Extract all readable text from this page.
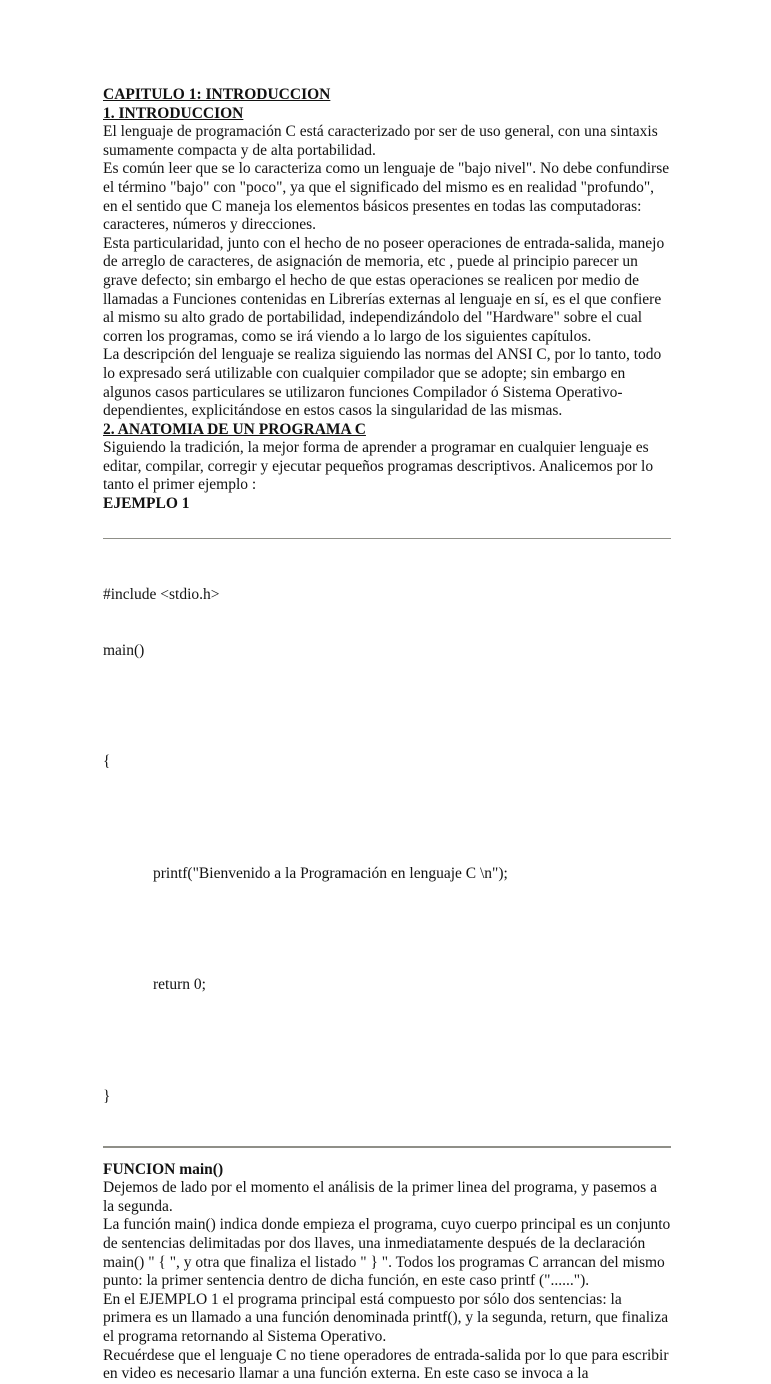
CAPITULO 1: INTRODUCCION
1. INTRODUCCION

El lenguaje de programación C está caracterizado por ser de uso general, con una sintaxis sumamente compacta y de alta portabilidad.

Es común leer que se lo caracteriza como un lenguaje de "bajo nivel". No debe confundirse el término "bajo" con "poco", ya que el significado del mismo es en realidad "profundo", en el sentido que C maneja los elementos básicos presentes en todas las computadoras: caracteres, números y direcciones.

Esta particularidad, junto con el hecho de no poseer operaciones de entrada-salida, manejo de arreglo de caracteres, de asignación de memoria, etc , puede al principio parecer un grave defecto; sin embargo el hecho de que estas operaciones se realicen por medio de llamadas a Funciones contenidas en Librerías externas al lenguaje en sí, es el que confiere al mismo su alto grado de portabilidad, independizándolo del "Hardware" sobre el cual corren los programas, como se irá viendo a lo largo de los siguientes capítulos.

La descripción del lenguaje se realiza siguiendo las normas del ANSI C, por lo tanto, todo lo expresado será utilizable con cualquier compilador que se adopte; sin embargo en algunos casos particulares se utilizaron funciones Compilador ó Sistema Operativo-dependientes, explicitándose en estos casos la singularidad de las mismas.

2. ANATOMIA DE UN PROGRAMA C

Siguiendo la tradición, la mejor forma de aprender a programar en cualquier lenguaje es editar, compilar, corregir y ejecutar pequeños programas descriptivos. Analicemos por lo tanto el primer ejemplo :

EJEMPLO 1

#include <stdio.h>

main()

{

printf("Bienvenido a la Programación en lenguaje C \n");

return 0;

}

FUNCION main()

Dejemos de lado por el momento el análisis de la primer linea del programa, y pasemos a la segunda.

La función main() indica donde empieza el programa, cuyo cuerpo principal es un conjunto de sentencias delimitadas por dos llaves, una inmediatamente después de la declaración main() " { ", y otra que finaliza el listado " } ". Todos los programas C arrancan del mismo punto: la primer sentencia dentro de dicha función, en este caso printf ("......").

En el EJEMPLO 1 el programa principal está compuesto por sólo dos sentencias: la primera es un llamado a una función denominada printf(), y la segunda, return, que finaliza el programa retornando al Sistema Operativo.

Recuérdese que el lenguaje C no tiene operadores de entrada-salida por lo que para escribir en video es necesario llamar a una función externa. En este caso se invoca a la
